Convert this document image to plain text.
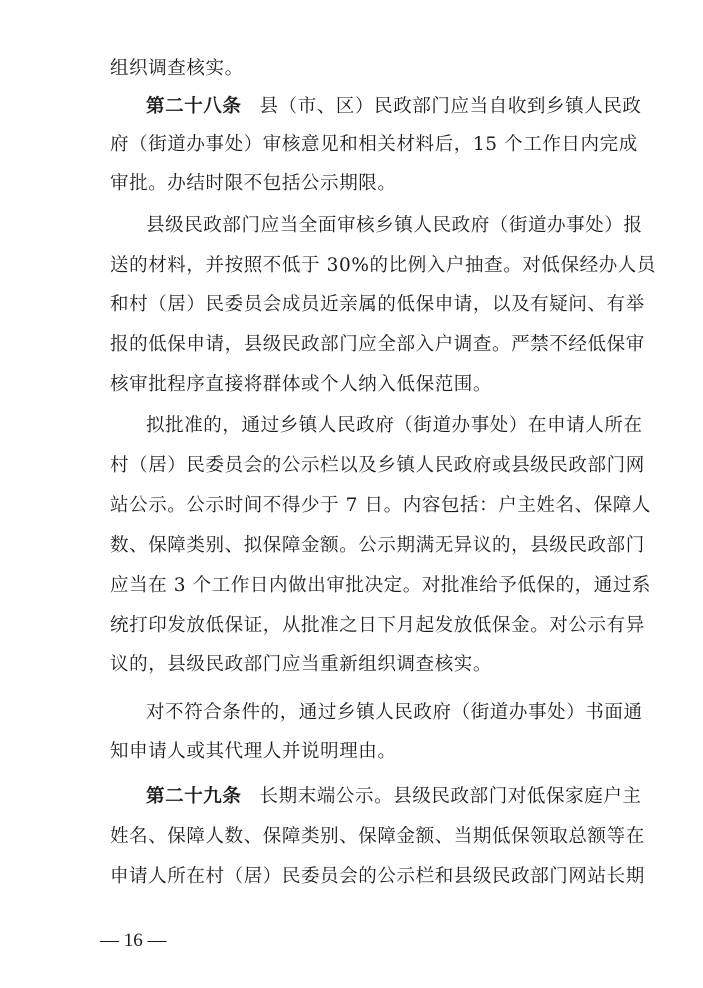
组织调查核实。
第二十八条 县（市、区）民政部门应当自收到乡镇人民政
府（街道办事处）审核意见和相关材料后，15 个工作日内完成
审批。办结时限不包括公示期限。
县级民政部门应当全面审核乡镇人民政府（街道办事处）报
送的材料，并按照不低于 30%的比例入户抽查。对低保经办人员
和村（居）民委员会成员近亲属的低保申请，以及有疑问、有举
报的低保申请，县级民政部门应全部入户调查。严禁不经低保审
核审批程序直接将群体或个人纳入低保范围。
拟批准的，通过乡镇人民政府（街道办事处）在申请人所在
村（居）民委员会的公示栏以及乡镇人民政府或县级民政部门网
站公示。公示时间不得少于 7 日。内容包括：户主姓名、保障人
数、保障类别、拟保障金额。公示期满无异议的，县级民政部门
应当在 3 个工作日内做出审批决定。对批准给予低保的，通过系
统打印发放低保证，从批准之日下月起发放低保金。对公示有异
议的，县级民政部门应当重新组织调查核实。
对不符合条件的，通过乡镇人民政府（街道办事处）书面通
知申请人或其代理人并说明理由。
第二十九条 长期末端公示。县级民政部门对低保家庭户主
姓名、保障人数、保障类别、保障金额、当期低保领取总额等在
申请人所在村（居）民委员会的公示栏和县级民政部门网站长期
— 16 —
